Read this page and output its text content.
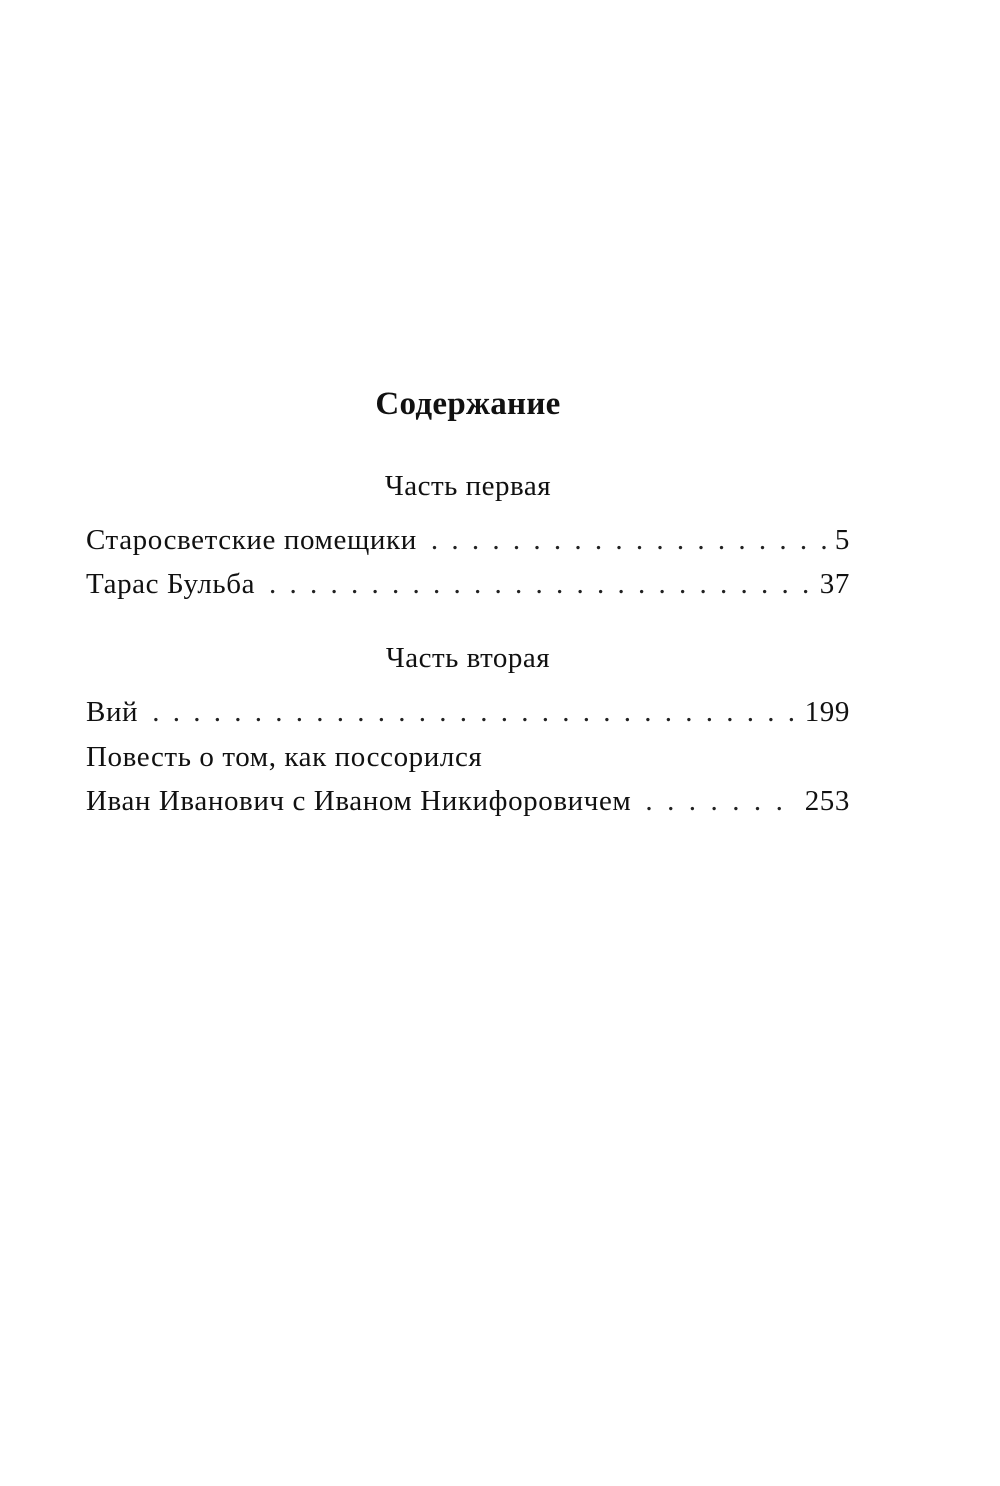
Содержание
Часть первая
Старосветские помещики . . .	5
Тарас Бульба . . .	37
Часть вторая
Вий . . .	199
Повесть о том, как поссорился
Иван Иванович с Иваном Никифоровичем . . .	253
